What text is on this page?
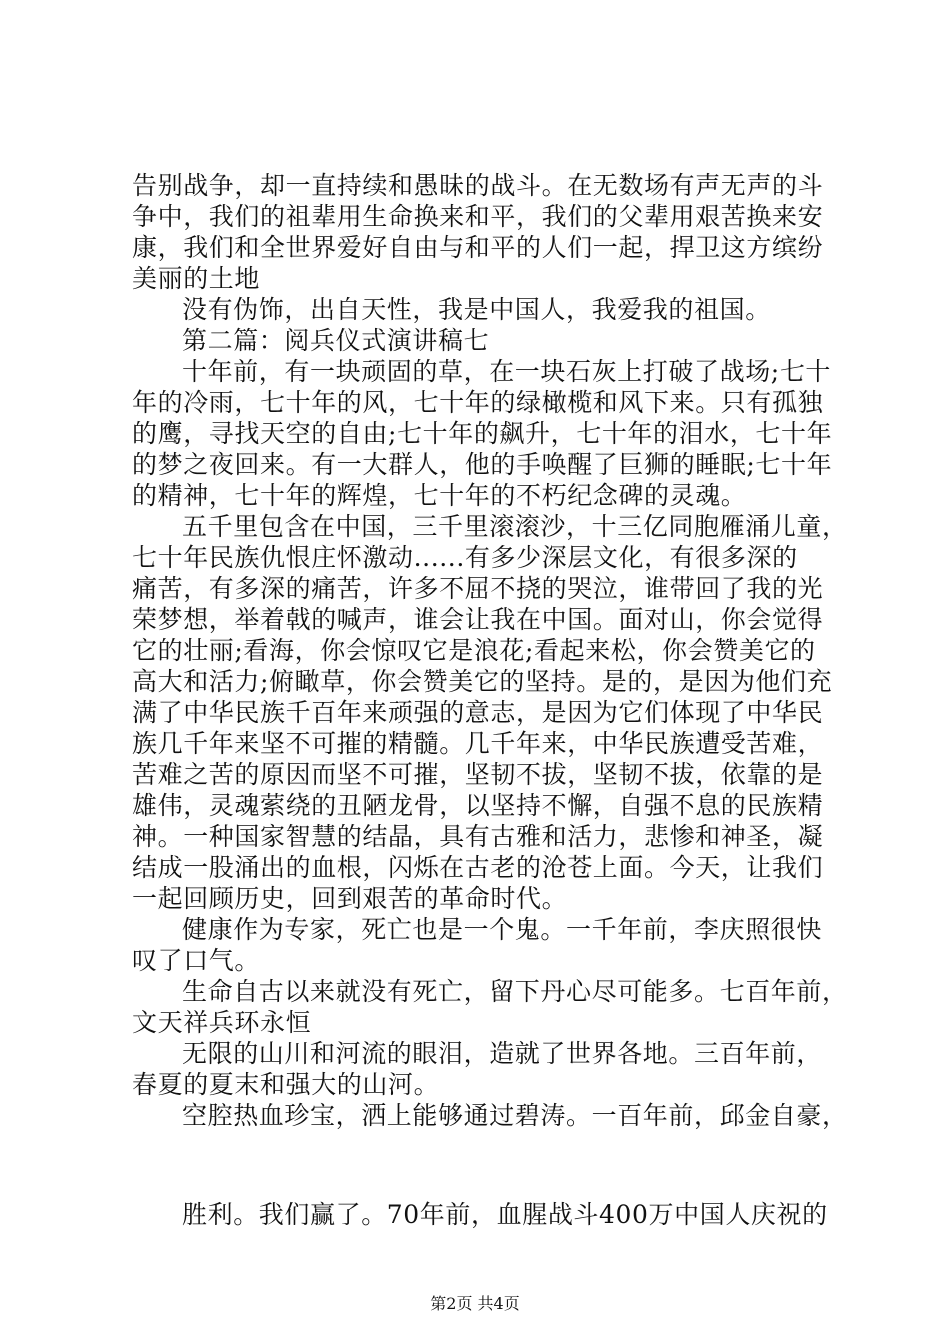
告别战争，却一直持续和愚昧的战斗。在无数场有声无声的斗

争中，我们的祖辈用生命换来和平，我们的父辈用艰苦换来安

康，我们和全世界爱好自由与和平的人们一起，捍卫这方缤纷

美丽的土地

没有伪饰，出自天性，我是中国人，我爱我的祖国。

第二篇：阅兵仪式演讲稿七

十年前，有一块顽固的草，在一块石灰上打破了战场;七十

年的冷雨，七十年的风，七十年的绿橄榄和风下来。只有孤独

的鹰，寻找天空的自由;七十年的飙升，七十年的泪水，七十年

的梦之夜回来。有一大群人，他的手唤醒了巨狮的睡眠;七十年

的精神，七十年的辉煌，七十年的不朽纪念碑的灵魂。

五千里包含在中国，三千里滚滚沙，十三亿同胞雁涌儿童，

七十年民族仇恨庄怀激动......有多少深层文化，有很多深的

痛苦，有多深的痛苦，许多不屈不挠的哭泣，谁带回了我的光

荣梦想，举着戟的喊声，谁会让我在中国。面对山，你会觉得

它的壮丽;看海，你会惊叹它是浪花;看起来松，你会赞美它的

高大和活力;俯瞰草，你会赞美它的坚持。是的，是因为他们充

满了中华民族千百年来顽强的意志，是因为它们体现了中华民

族几千年来坚不可摧的精髓。几千年来，中华民族遭受苦难，

苦难之苦的原因而坚不可摧，坚韧不拔，坚韧不拔，依靠的是

雄伟，灵魂萦绕的丑陋龙骨，以坚持不懈，自强不息的民族精

神。一种国家智慧的结晶，具有古雅和活力，悲惨和神圣，凝

结成一股涌出的血根，闪烁在古老的沧苍上面。今天，让我们

一起回顾历史，回到艰苦的革命时代。

健康作为专家，死亡也是一个鬼。一千年前，李庆照很快

叹了口气。

生命自古以来就没有死亡，留下丹心尽可能多。七百年前，

文天祥兵环永恒

无限的山川和河流的眼泪，造就了世界各地。三百年前，

春夏的夏末和强大的山河。

空腔热血珍宝，洒上能够通过碧涛。一百年前，邱金自豪，

胜利。我们赢了。70年前，血腥战斗400万中国人庆祝的

第2页 共4页
